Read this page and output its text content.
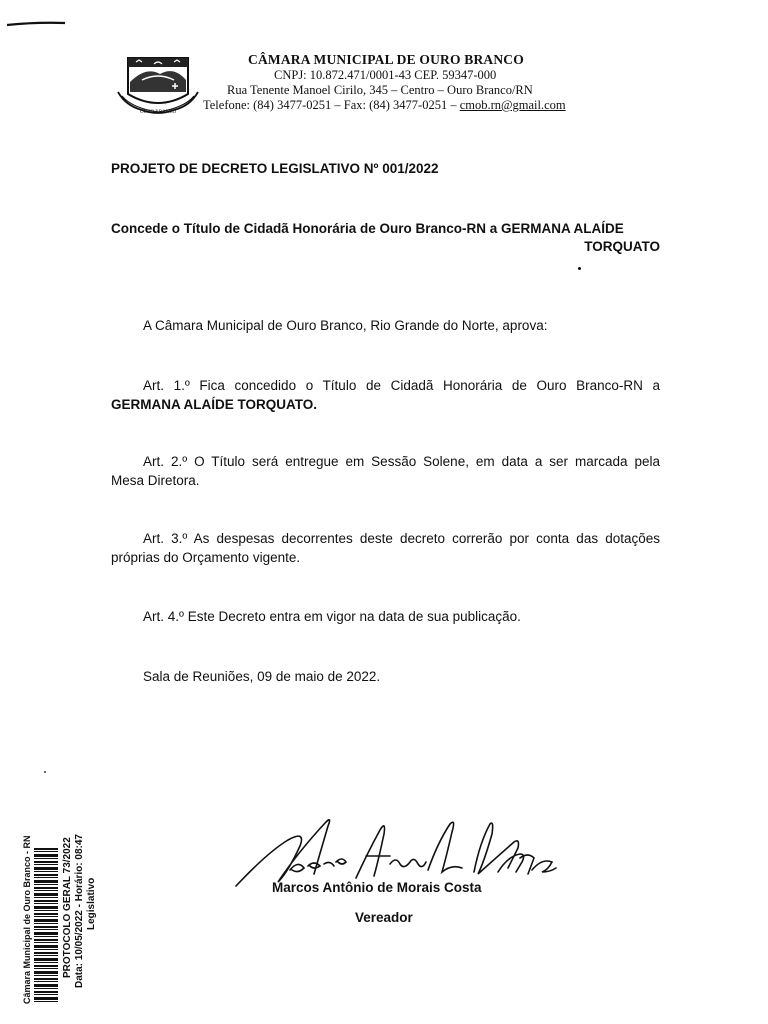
OURO BRANCO
CÂMARA MUNICIPAL DE OURO BRANCO
CNPJ: 10.872.471/0001-43 CEP. 59347-000
Rua Tenente Manoel Cirilo, 345 – Centro – Ouro Branco/RN
Telefone: (84) 3477-0251 – Fax: (84) 3477-0251 – cmob.rn@gmail.com
PROJETO DE DECRETO LEGISLATIVO Nº 001/2022
Concede o Título de Cidadã Honorária de Ouro Branco-RN a GERMANA ALAÍDE
TORQUATO
A Câmara Municipal de Ouro Branco, Rio Grande do Norte, aprova:
Art. 1.º Fica concedido o Título de Cidadã Honorária de Ouro Branco-RN a
GERMANA ALAÍDE TORQUATO.
Art. 2.º O Título será entregue em Sessão Solene, em data a ser marcada pela
Mesa Diretora.
Art. 3.º As despesas decorrentes deste decreto correrão por conta das dotações
próprias do Orçamento vigente.
Art. 4.º Este Decreto entra em vigor na data de sua publicação.
Sala de Reuniões, 09 de maio de 2022.
Marcos Antônio de Morais Costa
Vereador
Câmara Municipal de Ouro Branco - RN	PROTOCOLO GERAL 73/2022 Data: 10/05/2022 - Horário: 08:47 Legislativo
